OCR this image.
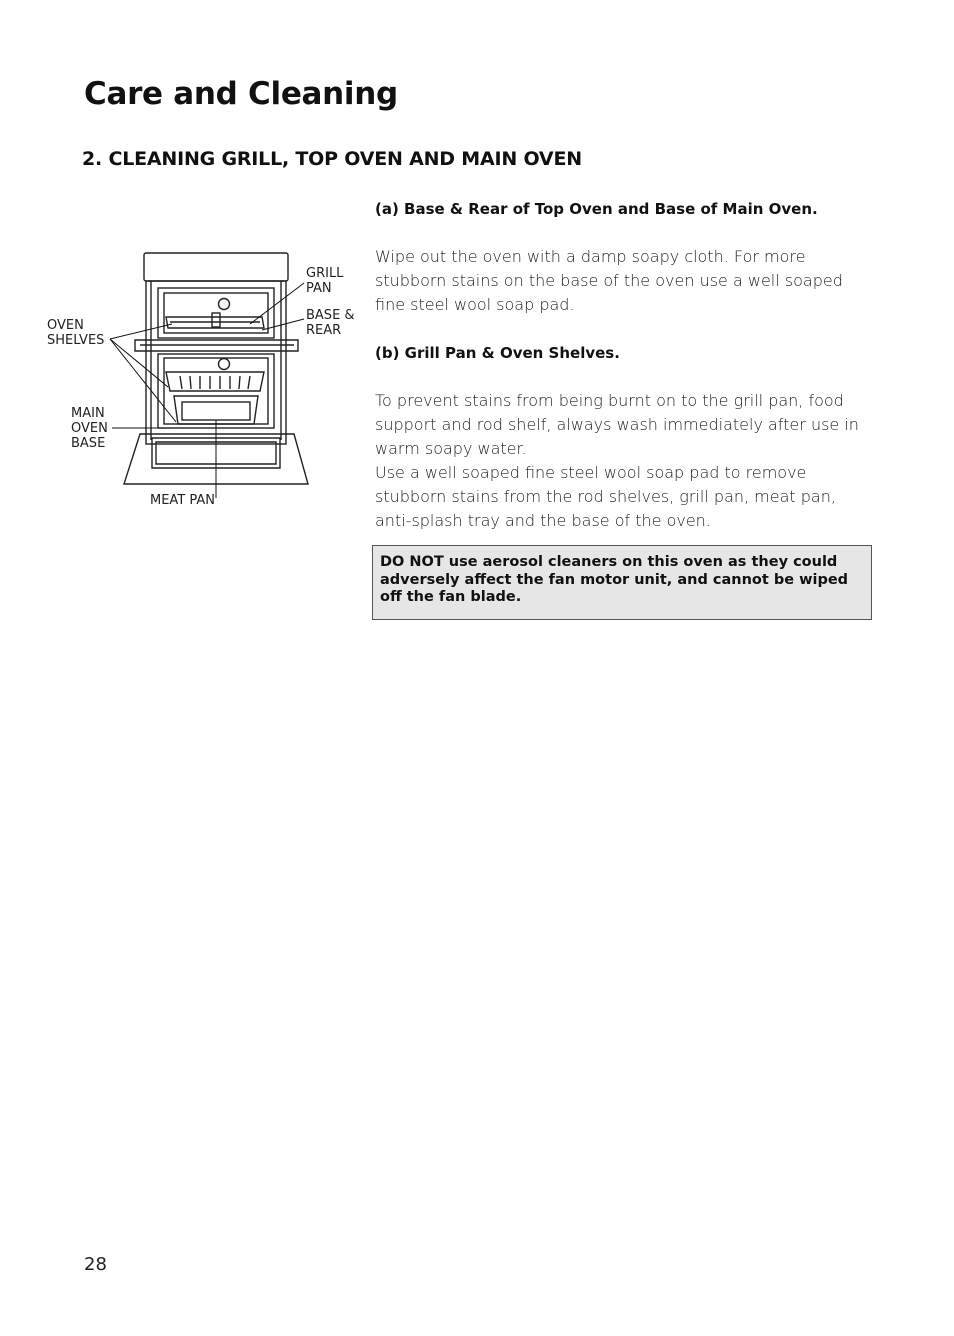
Care and Cleaning
2. CLEANING GRILL, TOP OVEN AND MAIN OVEN
GRILL
PAN
BASE &
REAR
OVEN
SHELVES
MAIN
OVEN
BASE
MEAT PAN

(a) Base & Rear of Top Oven and Base of Main Oven.

Wipe out the oven with a damp soapy cloth. For more stubborn stains on the base of the oven use a well soaped fine steel wool soap pad.

(b) Grill Pan & Oven Shelves.

To prevent stains from being burnt on to the grill pan, food support and rod shelf, always wash immediately after use in warm soapy water.

Use a well soaped fine steel wool soap pad to remove stubborn stains from the rod shelves, grill pan, meat pan, anti-splash tray and the base of the oven.

DO NOT use aerosol cleaners on this oven as they could adversely affect the fan motor unit, and cannot be wiped off the fan blade.
28
